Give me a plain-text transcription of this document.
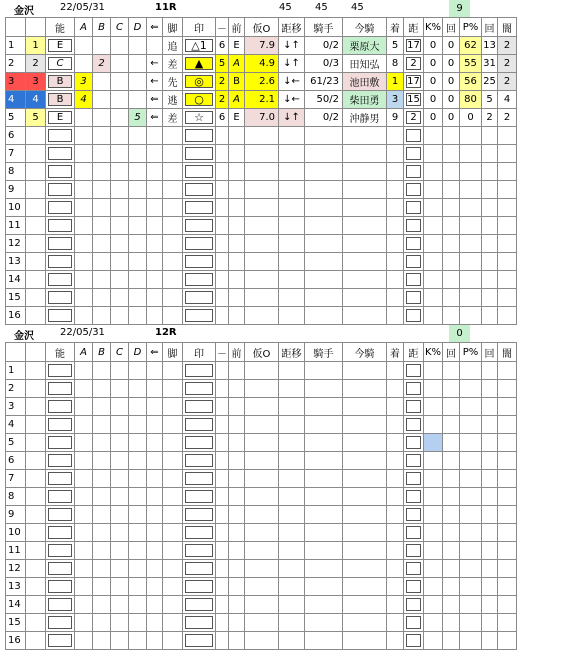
金沢	22/05/31	11R	45 45 45	9
		能	A	B	C	D	⇐	脚	印	－	前	仮O	距移	騎手	今騎	着	距	K%	回	P%	回	闇
1	1	E						追	△1	6	E	7.9	↓↑	0/2	栗原大	5	17	0	0	62	13	2
2	2	C		2			←	差	▲	5	A	4.9	↓↑	0/3	田知弘	8	2	0	0	55	31	2
3	3	B	3				←	先	◎	2	B	2.6	↓←	61/23	池田敷	1	17	0	0	56	25	2
4	4	B	4				⇐	逃	○	2	A	2.1	↓←	50/2	柴田勇	3	15	0	0	80	5	4
5	5	E				5	⇐	差	☆	6	E	7.0	↓↑	0/2	沖静男	9	2	0	0	0	2	2
6		

7		

8		

9		

10		

11		

12		

13		

14		

15		

16		

金沢	22/05/31	12R	0
		能	A	B	C	D	⇐	脚	印	－	前	仮O	距移	騎手	今騎	着	距	K%	回	P%	回	闇
1		

2		

3		

4		

5		

6		

7		

8		

9		

10		

11		

12		

13		

14		

15		

16		
